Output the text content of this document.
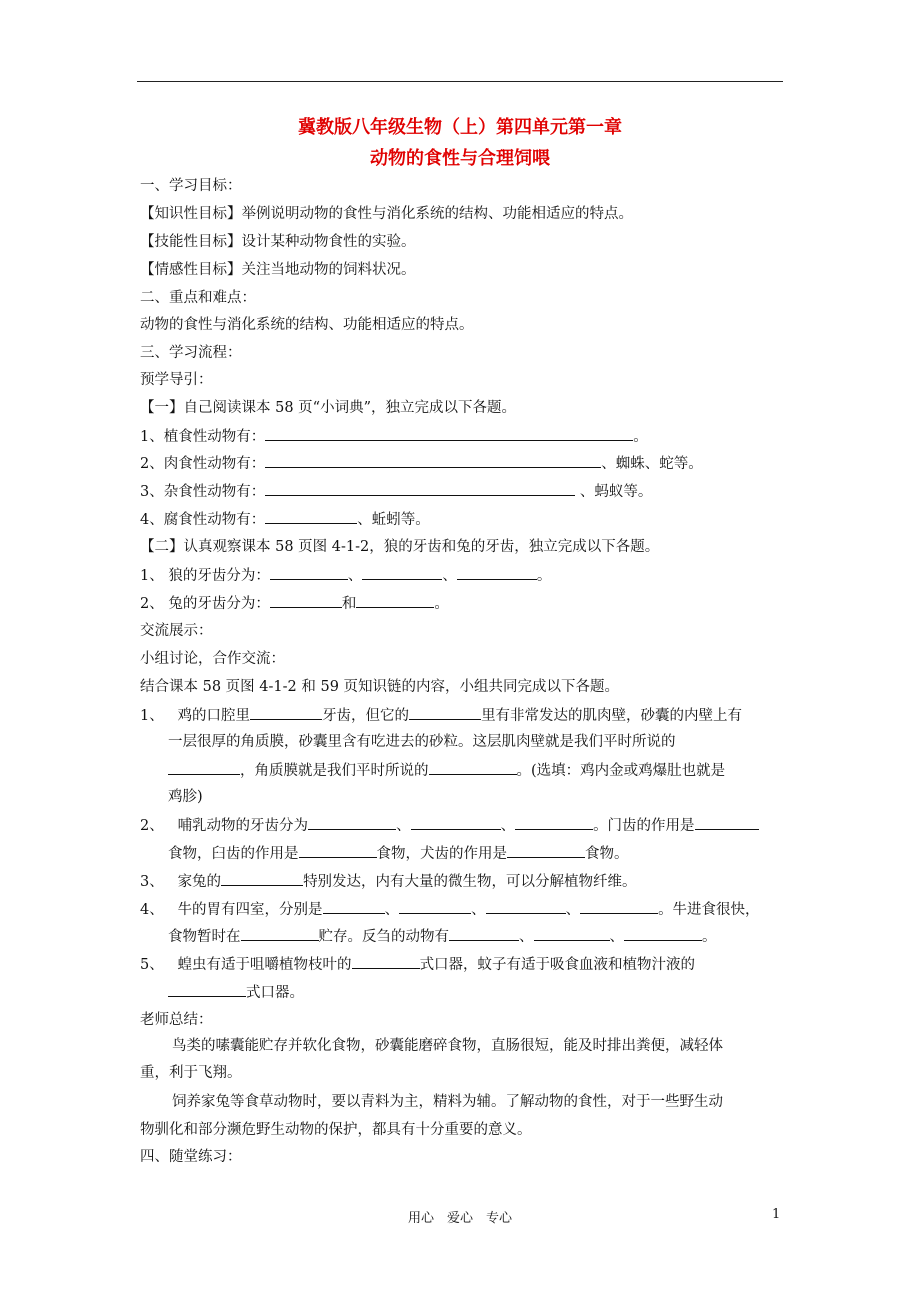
冀教版八年级生物（上）第四单元第一章
动物的食性与合理饲喂
一、学习目标：
【知识性目标】举例说明动物的食性与消化系统的结构、功能相适应的特点。
【技能性目标】设计某种动物食性的实验。
【情感性目标】关注当地动物的饲料状况。
二、重点和难点：
动物的食性与消化系统的结构、功能相适应的特点。
三、学习流程：
预学导引：
【一】自己阅读课本 58 页“小词典”，独立完成以下各题。
1、植食性动物有：	。
2、肉食性动物有：	、蜘蛛、蛇等。
3、杂食性动物有：	、蚂蚁等。
4、腐食性动物有：	、蚯蚓等。
【二】认真观察课本 58 页图 4-1-2，狼的牙齿和兔的牙齿，独立完成以下各题。
1、 狼的牙齿分为：	、	、	。
2、 兔的牙齿分为：	和	。
交流展示：
小组讨论，合作交流：
结合课本 58 页图 4-1-2 和 59 页知识链的内容，小组共同完成以下各题。
1、 鸡的口腔里	牙齿，但它的	里有非常发达的肌肉壁，砂囊的内壁上有
一层很厚的角质膜，砂囊里含有吃进去的砂粒。这层肌肉壁就是我们平时所说的
，角质膜就是我们平时所说的	。(选填：鸡内金或鸡爆肚也就是
鸡胗)
2、 哺乳动物的牙齿分为	、	、	。门齿的作用是
食物，臼齿的作用是	食物，犬齿的作用是	食物。
3、 家兔的	特别发达，内有大量的微生物，可以分解植物纤维。
4、 牛的胃有四室，分别是	、	、	、	。牛进食很快，
食物暂时在	贮存。反刍的动物有	、	、	。
5、 蝗虫有适于咀嚼植物枝叶的	式口器，蚊子有适于吸食血液和植物汁液的
式口器。
老师总结：
鸟类的嗉囊能贮存并软化食物，砂囊能磨碎食物，直肠很短，能及时排出粪便，减轻体
重，利于飞翔。
饲养家兔等食草动物时，要以青料为主，精料为辅。了解动物的食性，对于一些野生动
物驯化和部分濒危野生动物的保护，都具有十分重要的意义。
四、随堂练习：
用心　爱心　专心	1
